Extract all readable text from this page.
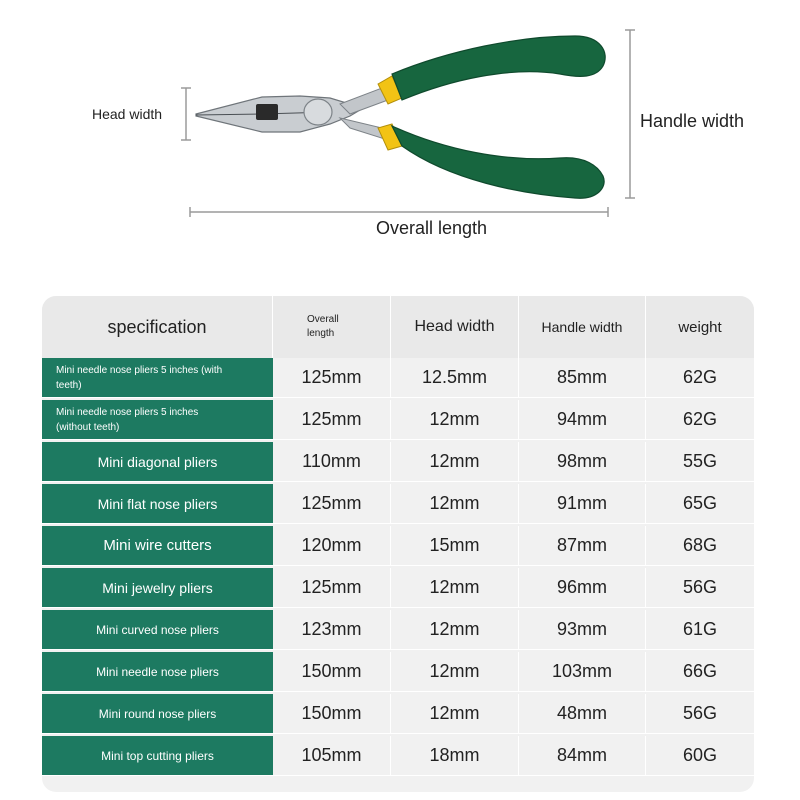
Head width	Handle width
Overall length
specification	Overall
length	Head width	Handle width	weight
Mini needle nose pliers 5 inches (with
teeth)	125mm	12.5mm	85mm	62G
Mini needle nose pliers 5 inches
(without teeth)	125mm	12mm	94mm	62G
Mini diagonal pliers	110mm	12mm	98mm	55G
Mini flat nose pliers	125mm	12mm	91mm	65G
Mini wire cutters	120mm	15mm	87mm	68G
Mini jewelry pliers	125mm	12mm	96mm	56G
Mini curved nose pliers	123mm	12mm	93mm	61G
Mini needle nose pliers	150mm	12mm	103mm	66G
Mini round nose pliers	150mm	12mm	48mm	56G
Mini top cutting pliers	105mm	18mm	84mm	60G
